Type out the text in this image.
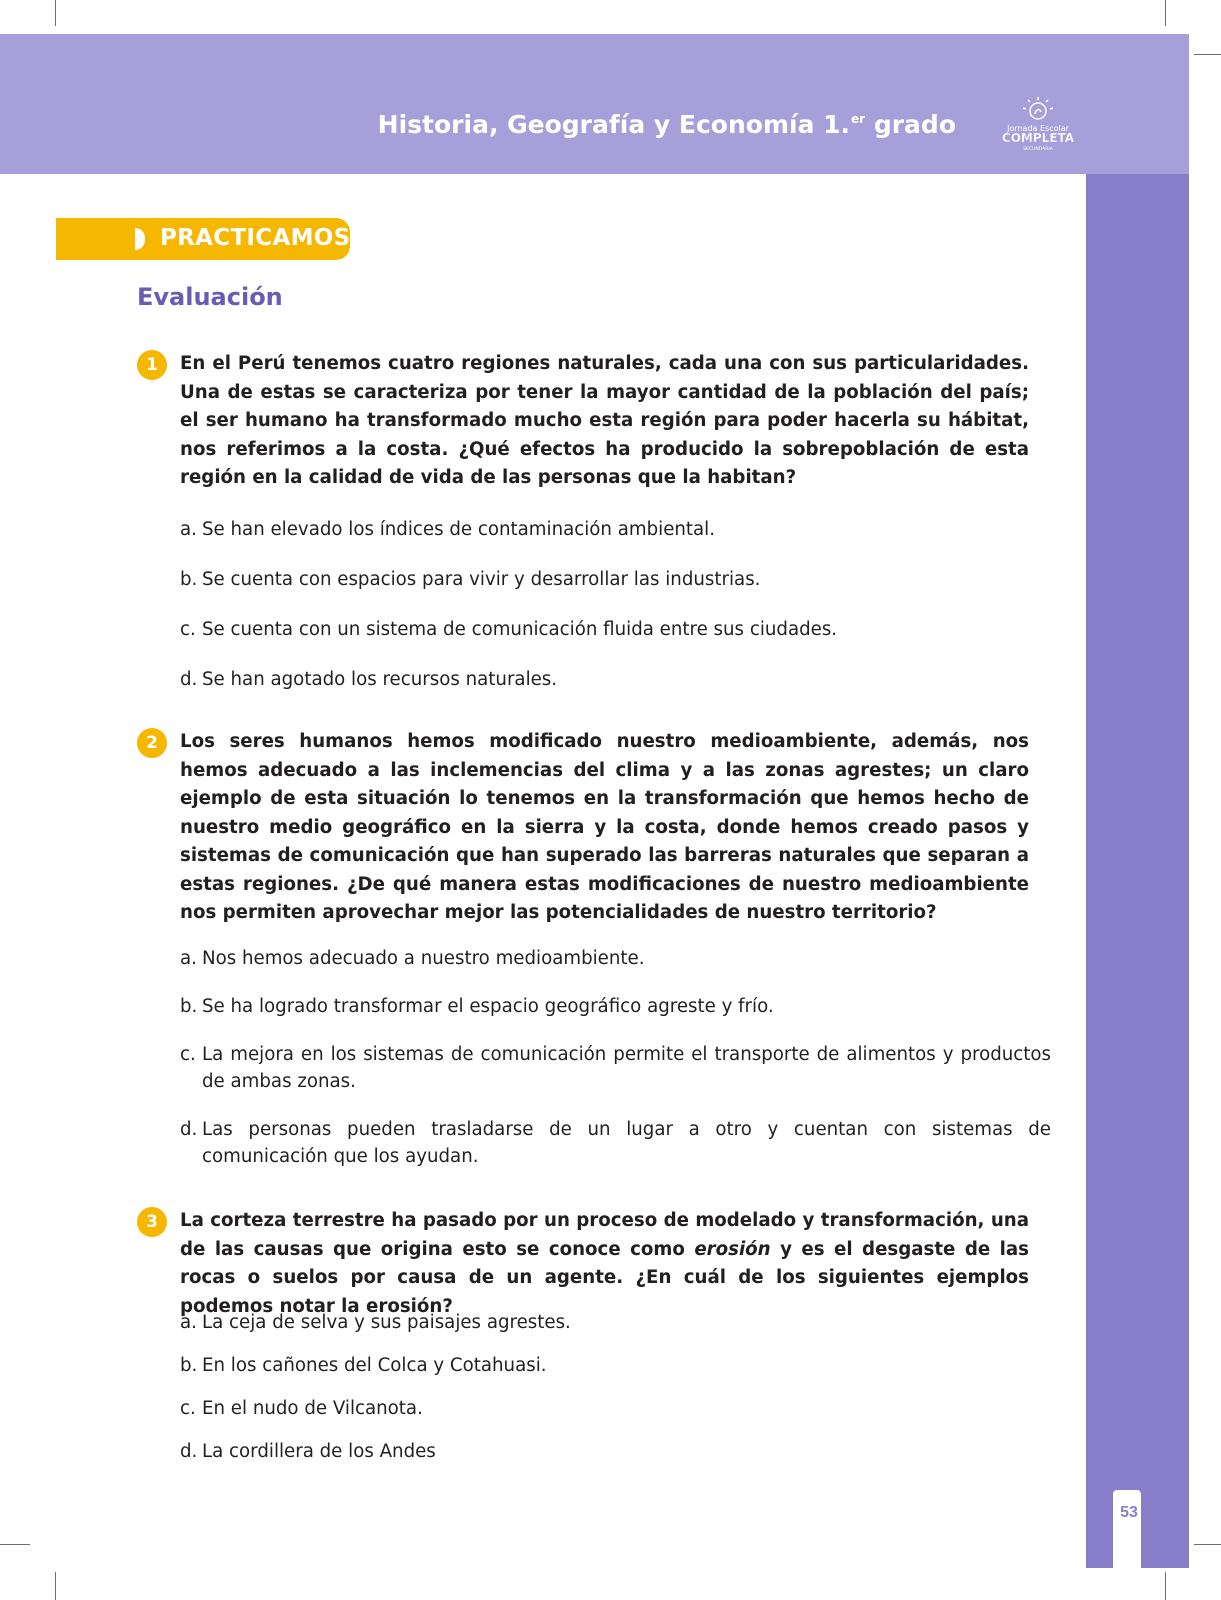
Historia, Geografía y Economía 1.$^{er}$ grado	Jornada Escolar
COMPLETA
SECUNDARIA
53
PRACTICAMOS
Evaluación
1	En el Perú tenemos cuatro regiones naturales, cada una con sus particularidades. Una de estas se caracteriza por tener la mayor cantidad de la población del país; el ser humano ha transformado mucho esta región para poder hacerla su hábitat, nos referimos a la costa. ¿Qué efectos ha producido la sobrepoblación de esta región en la calidad de vida de las personas que la habitan?

a. Se han elevado los índices de contaminación ambiental.

b. Se cuenta con espacios para vivir y desarrollar las industrias.

c. Se cuenta con un sistema de comunicación fluida entre sus ciudades.

d. Se han agotado los recursos naturales.

2	Los seres humanos hemos modificado nuestro medioambiente, además, nos hemos adecuado a las inclemencias del clima y a las zonas agrestes; un claro ejemplo de esta situación lo tenemos en la transformación que hemos hecho de nuestro medio geográfico en la sierra y la costa, donde hemos creado pasos y sistemas de comunicación que han superado las barreras naturales que separan a estas regiones. ¿De qué manera estas modificaciones de nuestro medioambiente nos permiten aprovechar mejor las potencialidades de nuestro territorio?

a. Nos hemos adecuado a nuestro medioambiente.

b. Se ha logrado transformar el espacio geográfico agreste y frío.

c. La mejora en los sistemas de comunicación permite el transporte de alimentos y productos de ambas zonas.

d. Las personas pueden trasladarse de un lugar a otro y cuentan con sistemas de comunicación que los ayudan.

3	La corteza terrestre ha pasado por un proceso de modelado y transformación, una de las causas que origina esto se conoce como erosión y es el desgaste de las rocas o suelos por causa de un agente. ¿En cuál de los siguientes ejemplos podemos notar la erosión?

a. La ceja de selva y sus paisajes agrestes.

b. En los cañones del Colca y Cotahuasi.

c. En el nudo de Vilcanota.

d. La cordillera de los Andes
